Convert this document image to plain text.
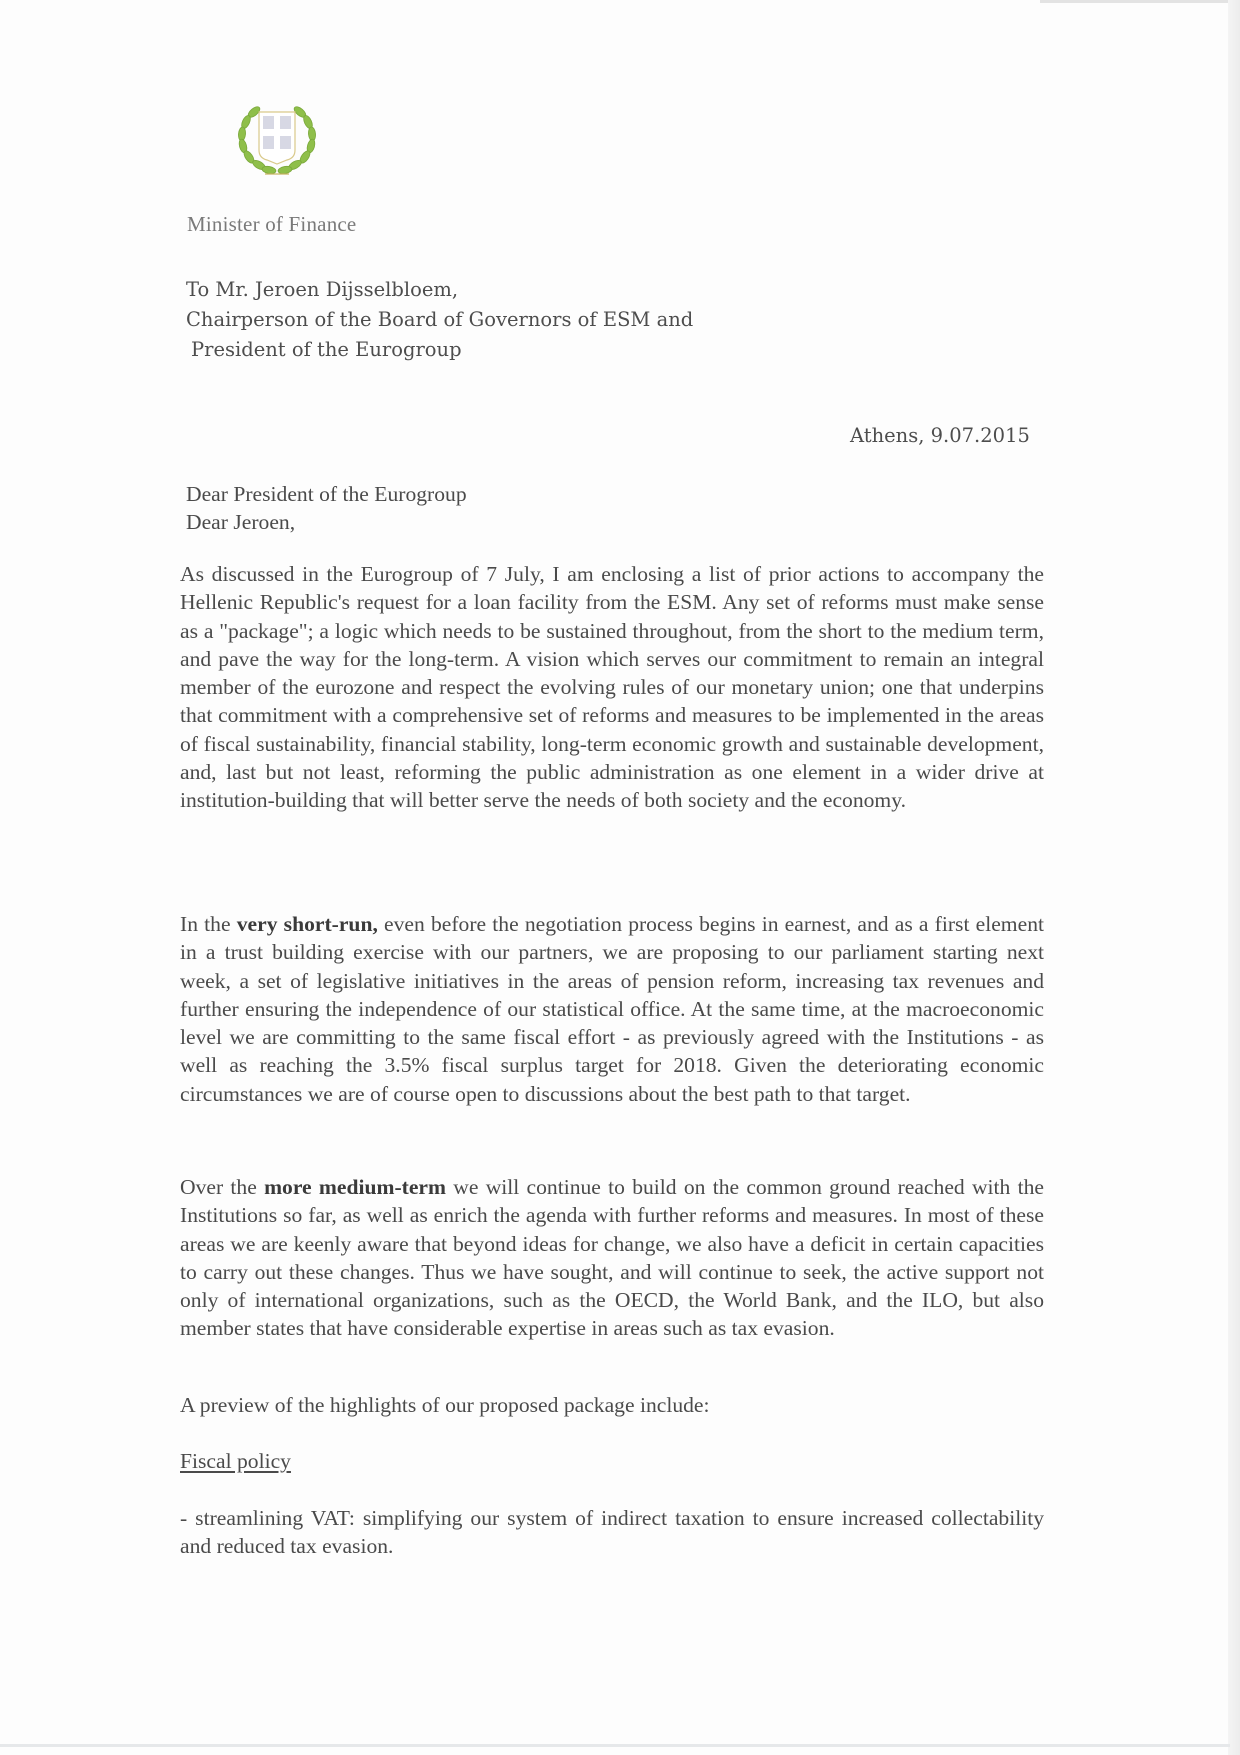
Minister of Finance
To Mr. Jeroen Dijsselbloem,
Chairperson of the Board of Governors of ESM and
President of the Eurogroup
Athens, 9.07.2015
Dear President of the Eurogroup
Dear Jeroen,

As discussed in the Eurogroup of 7 July, I am enclosing a list of prior actions to accompany the Hellenic Republic's request for a loan facility from the ESM. Any set of reforms must make sense as a "package"; a logic which needs to be sustained throughout, from the short to the medium term, and pave the way for the long-term. A vision which serves our commitment to remain an integral member of the eurozone and respect the evolving rules of our monetary union; one that underpins that commitment with a comprehensive set of reforms and measures to be implemented in the areas of fiscal sustainability, financial stability, long-term economic growth and sustainable development, and, last but not least, reforming the public administration as one element in a wider drive at institution-building that will better serve the needs of both society and the economy.

In the very short-run, even before the negotiation process begins in earnest, and as a first element in a trust building exercise with our partners, we are proposing to our parliament starting next week, a set of legislative initiatives in the areas of pension reform, increasing tax revenues and further ensuring the independence of our statistical office. At the same time, at the macroeconomic level we are committing to the same fiscal effort - as previously agreed with the Institutions - as well as reaching the 3.5% fiscal surplus target for 2018. Given the deteriorating economic circumstances we are of course open to discussions about the best path to that target.

Over the more medium-term we will continue to build on the common ground reached with the Institutions so far, as well as enrich the agenda with further reforms and measures. In most of these areas we are keenly aware that beyond ideas for change, we also have a deficit in certain capacities to carry out these changes. Thus we have sought, and will continue to seek, the active support not only of international organizations, such as the OECD, the World Bank, and the ILO, but also member states that have considerable expertise in areas such as tax evasion.

A preview of the highlights of our proposed package include:

Fiscal policy

- streamlining VAT: simplifying our system of indirect taxation to ensure increased collectability and reduced tax evasion.
